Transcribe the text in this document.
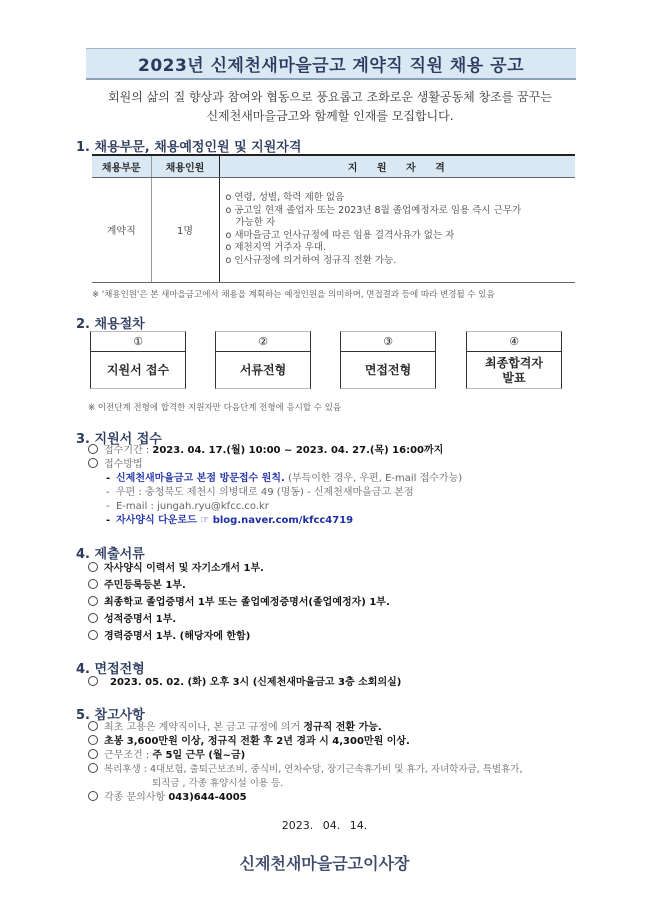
2023년 신제천새마을금고 계약직 직원 채용 공고
회원의 삶의 질 향상과 참여와 협동으로 풍요롭고 조화로운 생활공동체 창조를 꿈꾸는
신제천새마을금고와 함께할 인재를 모집합니다.
1. 채용부문, 채용예정인원 및 지원자격
채용부문	채용인원	지 원 자 격
계약직	1명	
o 연령, 성별, 학력 제한 없음
o 공고일 현재 졸업자 또는 2023년 8월 졸업예정자로 임용 즉시 근무가
가능한 자
o 새마을금고 인사규정에 따른 임용 결격사유가 없는 자
o 제천지역 거주자 우대.
o 인사규정에 의거하여 정규직 전환 가능.
※ '채용인원'은 본 새마을금고에서 채용을 계획하는 예정인원을 의미하며, 면접결과 등에 따라 변경될 수 있음
2. 채용절차
①
지원서 접수
②
서류전형
③
면접전형
④
최종합격자 발표
※ 이전단계 전형에 합격한 지원자만 다음단계 전형에 응시할 수 있음
3. 지원서 접수
접수기간 : 2023. 04. 17.(월) 10:00 ~ 2023. 04. 27.(목) 16:00까지
접수방법
- 신제천새마을금고 본점 방문접수 원칙. (부득이한 경우, 우편, E-mail 접수가능)
- 우편 : 충청북도 제천시 의병대로 49 (명동) - 신제천새마을금고 본점
- E-mail : jungah.ryu@kfcc.co.kr
- 자사양식 다운로드 ☞ blog.naver.com/kfcc4719
4. 제출서류
자사양식 이력서 및 자기소개서 1부.
주민등록등본 1부.
최종학교 졸업증명서 1부 또는 졸업예정증명서(졸업예정자) 1부.
성적증명서 1부.
경력증명서 1부. (해당자에 한함)
4. 면접전형
2023. 05. 02. (화) 오후 3시 (신제천새마을금고 3층 소회의실)
5. 참고사항
최초 고용은 계약직이나, 본 금고 규정에 의거 정규직 전환 가능.
초봉 3,600만원 이상, 정규직 전환 후 2년 경과 시 4,300만원 이상.
근무조건 : 주 5일 근무 (월~금)
복리후생 : 4대보험, 출퇴근보조비, 중식비, 연차수당, 장기근속휴가비 및 휴가, 자녀학자금, 특별휴가,
퇴직금 , 각종 휴양시설 이용 등.
각종 문의사항 043)644-4005
2023. 04. 14.
신제천새마을금고이사장
